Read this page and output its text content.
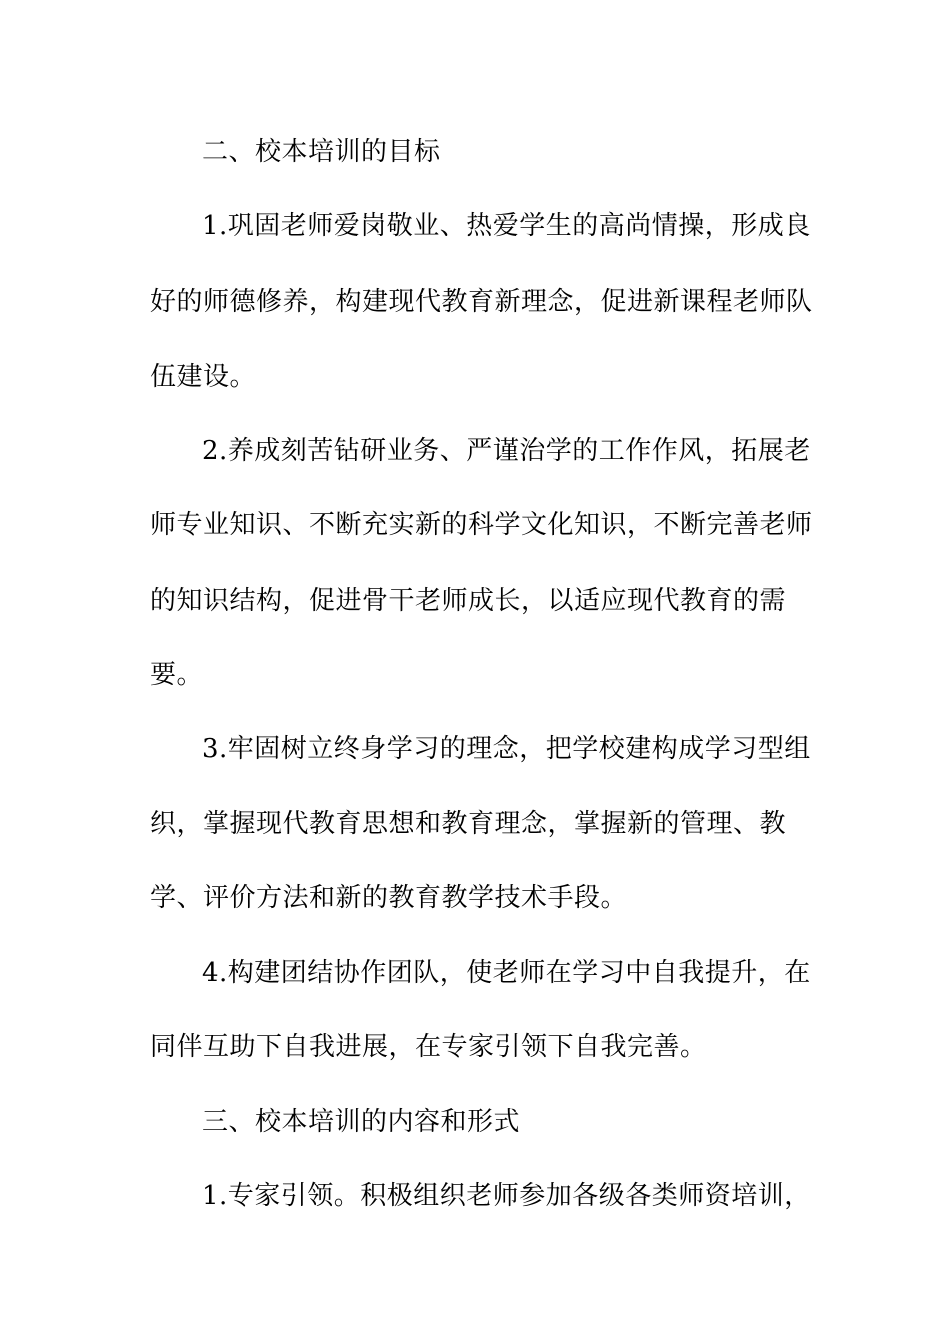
二、校本培训的目标
1.巩固老师爱岗敬业、热爱学生的高尚情操，形成良
好的师德修养，构建现代教育新理念，促进新课程老师队
伍建设。
2.养成刻苦钻研业务、严谨治学的工作作风，拓展老
师专业知识、不断充实新的科学文化知识，不断完善老师
的知识结构，促进骨干老师成长，以适应现代教育的需
要。
3.牢固树立终身学习的理念，把学校建构成学习型组
织，掌握现代教育思想和教育理念，掌握新的管理、教
学、评价方法和新的教育教学技术手段。
4.构建团结协作团队，使老师在学习中自我提升，在
同伴互助下自我进展，在专家引领下自我完善。
三、校本培训的内容和形式
1.专家引领。积极组织老师参加各级各类师资培训，
